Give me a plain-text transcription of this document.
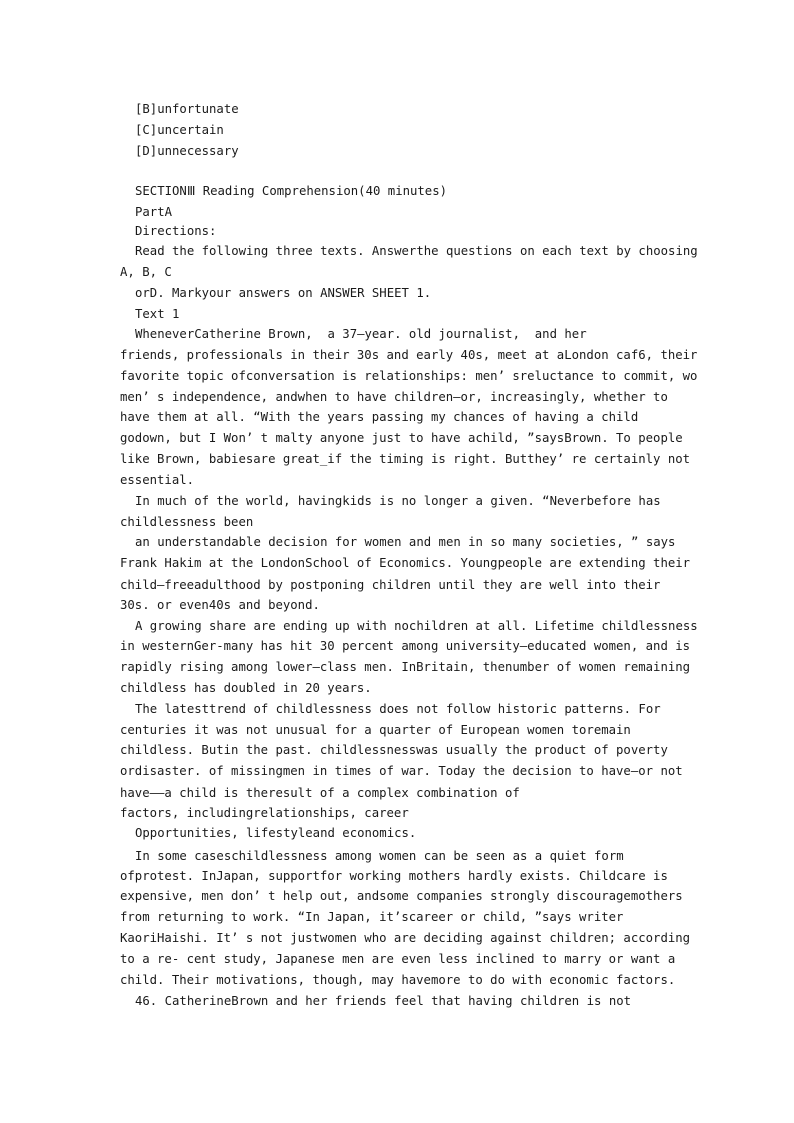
[B]unfortunate
[C]uncertain
[D]unnecessary
SECTIONⅢ Reading Comprehension(40 minutes)
PartA
Directions:
Read the following three texts. Answerthe questions on each text by choosing
A, B, C
orD. Markyour answers on ANSWER SHEET 1.
Text 1
WheneverCatherine Brown,  a 37—year. old journalist,  and her
friends, professionals in their 30s and early 40s, meet at aLondon caf6, their
favorite topic ofconversation is relationships: men’ sreluctance to commit, wo
men’ s independence, andwhen to have children—or, increasingly, whether to
have them at all. “With the years passing my chances of having a child
godown, but I Won’ t malty anyone just to have achild, ”saysBrown. To people
like Brown, babiesare great_if the timing is right. Butthey’ re certainly not
essential.
In much of the world, havingkids is no longer a given. “Neverbefore has
childlessness been
an understandable decision for women and men in so many societies, ” says
Frank Hakim at the LondonSchool of Economics. Youngpeople are extending their
child—freeadulthood by postponing children until they are well into their
30s. or even40s and beyond.
A growing share are ending up with nochildren at all. Lifetime childlessness
in westernGer-many has hit 30 percent among university—educated women, and is
rapidly rising among lower—class men. InBritain, thenumber of women remaining
childless has doubled in 20 years.
The latesttrend of childlessness does not follow historic patterns. For
centuries it was not unusual for a quarter of European women toremain
childless. Butin the past. childlessnesswas usually the product of poverty
ordisaster. of missingmen in times of war. Today the decision to have—or not
have——a child is theresult of a complex combination of
factors, includingrelationships, career
Opportunities, lifestyleand economics.
In some caseschildlessness among women can be seen as a quiet form
ofprotest. InJapan, supportfor working mothers hardly exists. Childcare is
expensive, men don’ t help out, andsome companies strongly discouragemothers
from returning to work. “In Japan, it’scareer or child, ”says writer
KaoriHaishi. It’ s not justwomen who are deciding against children; according
to a re- cent study, Japanese men are even less inclined to marry or want a
child. Their motivations, though, may havemore to do with economic factors.
46. CatherineBrown and her friends feel that having children is not
